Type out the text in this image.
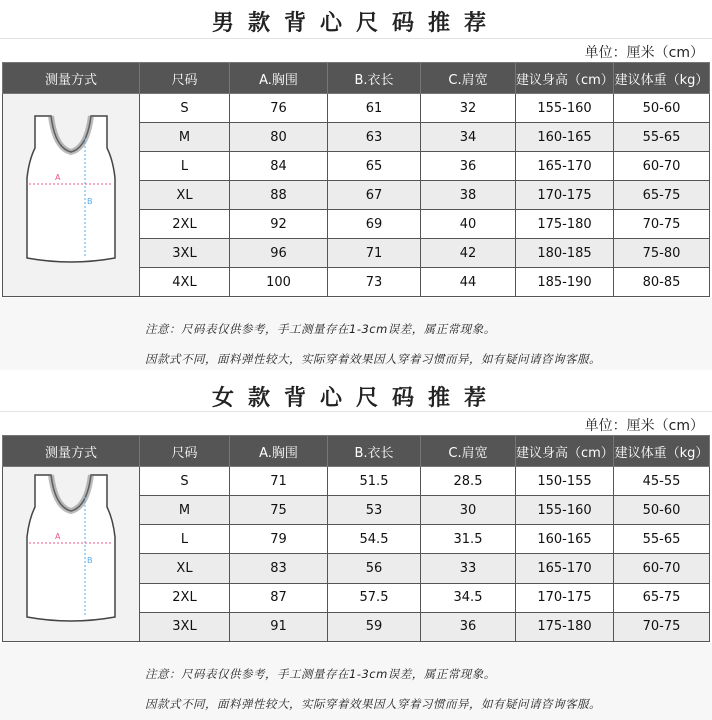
男款背心尺码推荐
单位：厘米（cm）
测量方式	尺码	A.胸围	B.衣长	C.肩宽	建议身高（cm）	建议体重（kg）

A
B	S	76	61	32	155-160	50-60
	M	80	63	34	160-165	55-65
	L	84	65	36	165-170	60-70
	XL	88	67	38	170-175	65-75
	2XL	92	69	40	175-180	70-75
	3XL	96	71	42	180-185	75-80
	4XL	100	73	44	185-190	80-85
注意：尺码表仅供参考，手工测量存在1-3cm误差，属正常现象。
因款式不同，面料弹性较大，实际穿着效果因人穿着习惯而异，如有疑问请咨询客服。
女款背心尺码推荐
单位：厘米（cm）
测量方式	尺码	A.胸围	B.衣长	C.肩宽	建议身高（cm）	建议体重（kg）

A
B	S	71	51.5	28.5	150-155	45-55
	M	75	53	30	155-160	50-60
	L	79	54.5	31.5	160-165	55-65
	XL	83	56	33	165-170	60-70
	2XL	87	57.5	34.5	170-175	65-75
	3XL	91	59	36	175-180	70-75
注意：尺码表仅供参考，手工测量存在1-3cm误差，属正常现象。
因款式不同，面料弹性较大，实际穿着效果因人穿着习惯而异，如有疑问请咨询客服。
